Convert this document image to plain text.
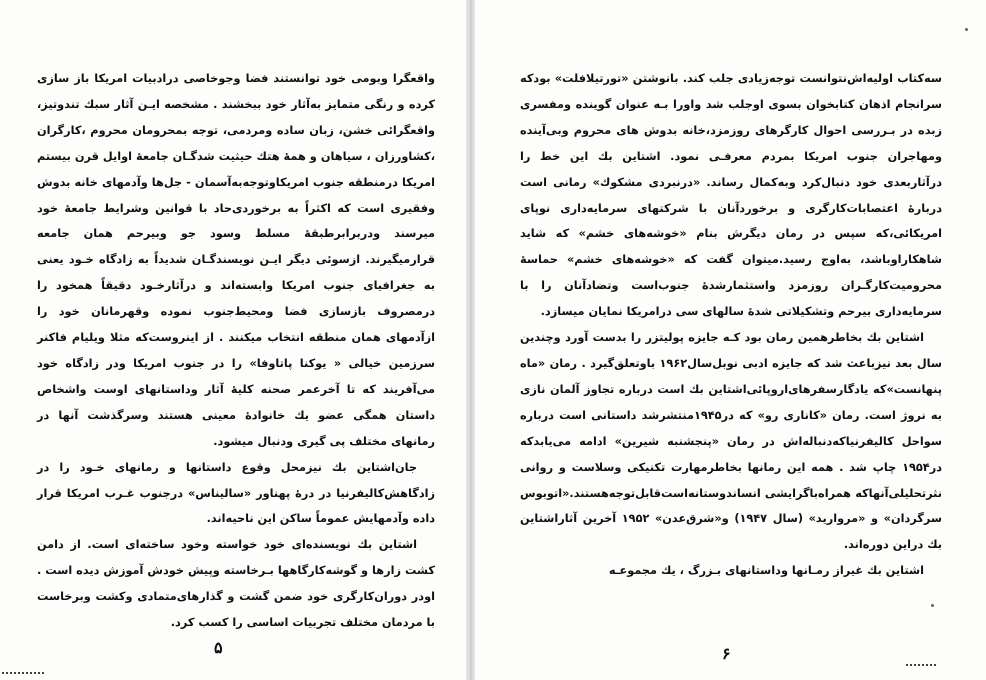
واقعگرا وبومی خود توانستند فضا وجوخاصی درادبیات امریکا باز سازی کرده و رنگی متمایز به‌آثار خود ببخشند . مشخصه ایـن آثار سبك تندوتیز، واقعگرائی خشن، زبان ساده ومردمی، توجه بمحرومان محروم ،کارگران ،کشاورزان ، سیاهان و همهٔ هتك حیثیت شدگـان جامعهٔ اوایل قرن بیستم امریکا درمنطقه جنوب امریکاوتوجه‌به‌آسمان - جل‌ها وآدمهای خانه بدوش وفقیری است که اکثراً به برخوردی‌حاد با قوانین وشرایط جامعهٔ خود میرسند ودربرابرطبقهٔ مسلط وسود جو وبیرحم همان جامعه قرارمیگیرند. ازسوئی دیگر ایـن نویسندگـان شدیداً به زادگاه خـود یعنی به جغرافیای جنوب امریکا وابسته‌اند و درآثارخـود دقیقاً همخود را درمصروف بازسازی فضا ومحیط‌جنوب نموده وقهرمانان خود را ازآدمهای همان منطقه انتخاب میکنند . از اینروست‌که مثلا ویلیام فاکنر سرزمین خیالی « یوکنا پاتاوفا» را در جنوب امریکا ودر زادگاه خود می‌آفریند که تا آخرعمر صحنه کلیهٔ آثار وداستانهای اوست واشخاص داستان همگی عضو یك خانوادهٔ معینی هستند وسرگذشت آنها در رمانهای مختلف پی گیری ودنبال میشود.

جان‌اشتاین بك نیزمحل وقوع داستانها و رمانهای خـود را در زادگاهش‌کالیفرنیا در درهٔ پهناور «سالیناس» درجنوب غـرب امریکا قرار داده وآدمهایش عموماً ساکن این ناحیه‌اند.

اشتاین بك نویسنده‌ای خود خواسته وخود ساخته‌ای است. از دامن کشت زارها و گوشه‌کارگاهها بـرخاسته وپیش خودش آموزش دیده است . اودر دوران‌کارگری خود ضمن گشت و گذارهای‌متمادی وکشت وبرخاست با مردمان مختلف تجربیات اساسی را کسب کرد.

۵

سه‌کتاب اولیه‌اش‌نتوانست توجه‌زیادی جلب کند. بانوشتن «تورتیلافلت» بودکه سرانجام اذهان کتابخوان بسوی اوجلب شد واورا بـه عنوان گوینده ومفسری زبده در بـررسی احوال کارگرهای روزمزد،خانه بدوش های محروم وبی‌آینده ومهاجران جنوب امریکا بمردم معرفـی نمود. اشتاین بك این خط را درآثاربعدی خود دنبال‌کرد وبه‌کمال رساند. «درنبردی مشکوك» رمانی است دربارهٔ اعتصابات‌کارگری و برخوردآنان با شرکتهای سرمایه‌داری نوپای امریکائی،که سپس در رمان دیگرش بنام «خوشه‌های خشم» که شاید شاهکاراوباشد، به‌اوج رسید.میتوان گفت که «خوشه‌های خشم» حماسهٔ محرومیت‌کارگـران روزمزد واستثمارشدهٔ جنوب‌است وتضادآنان را با سرمایه‌داری بیرحم وتشکیلاتی شدهٔ سالهای سی درامریکا نمایان میسازد.

اشتاین بك بخاطرهمین رمان بود کـه جایزه پولیتزر را بدست آورد وچندین سال بعد نیزباعث شد که جایزه ادبی نوبل‌سال۱۹۶۲ باوتعلق‌گیرد . رمان «ماه پنهانست»که یادگارسفرهای‌اروپائی‌اشتاین‌ بك است درباره تجاوز آلمان نازی به نروژ است. رمان «کاناری رو» که در۱۹۴۵منتشرشد داستانی است درباره سواحل کالیفرنیاکه‌دنباله‌اش در رمان «پنجشنبه شیرین» ادامه می‌یابدکه در۱۹۵۴ چاپ شد . همه این رمانها بخاطرمهارت تکنیکی وسلاست و روانی نثرتحلیلی‌آنهاکه همراه‌باگرایشی انساندوستانه‌است‌قابل‌توجه‌هستند.«اتوبوس سرگردان» و «مرواريد» (سال ۱۹۴۷) و«شرق‌عدن» ۱۹۵۲ آخرین آثاراشتاین بك دراین دوره‌اند.

اشتاین بك غیراز رمـانها وداستانهای بـزرگ ، یك مجموعـه

۶
